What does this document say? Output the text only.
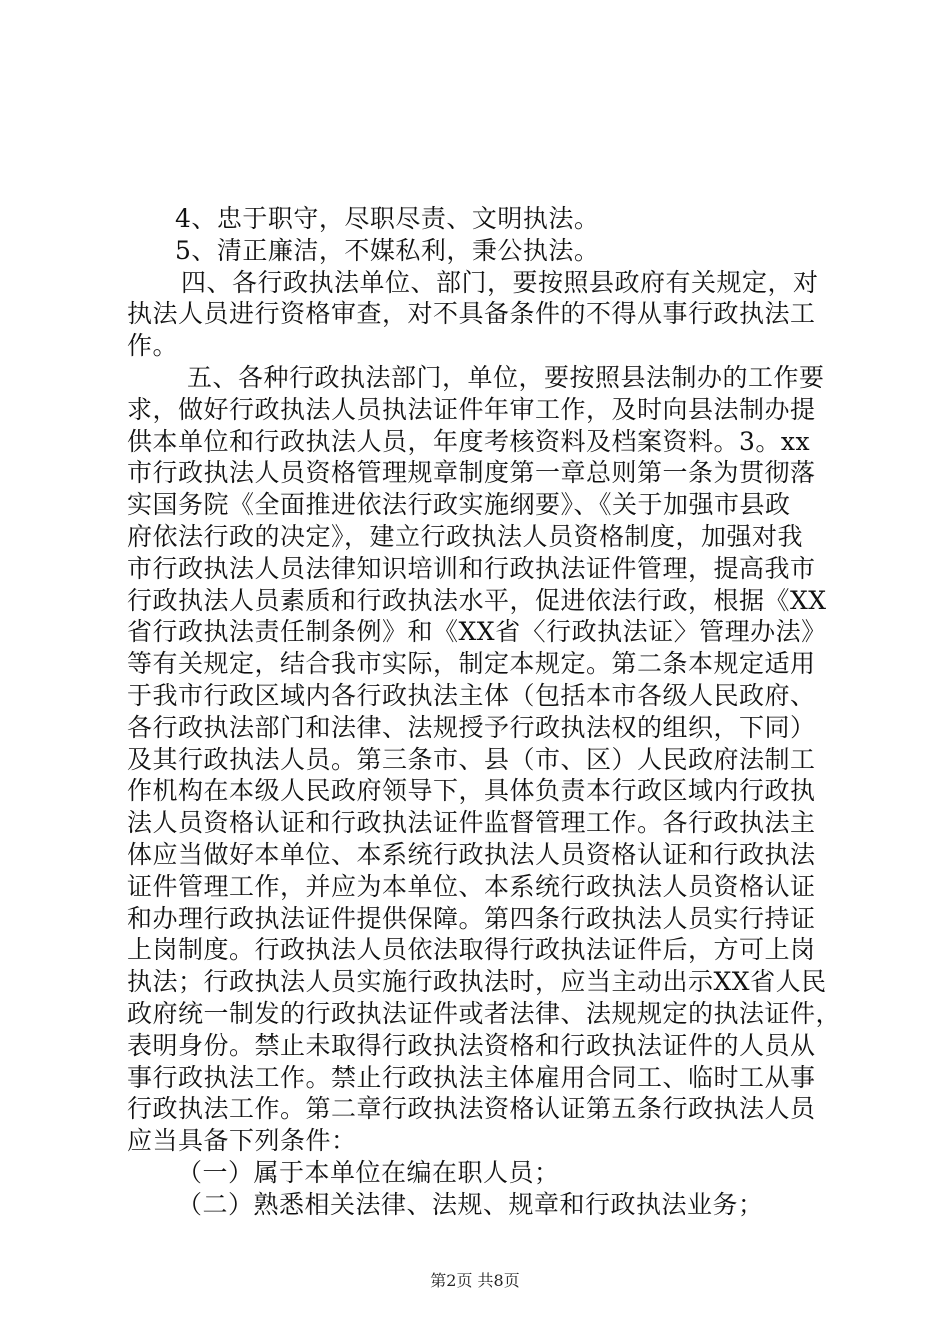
4、忠于职守，尽职尽责、文明执法。
5、清正廉洁，不媒私利，秉公执法。
四、各行政执法单位、部门，要按照县政府有关规定，对
执法人员进行资格审查，对不具备条件的不得从事行政执法工
作。
五、各种行政执法部门，单位，要按照县法制办的工作要
求，做好行政执法人员执法证件年审工作，及时向县法制办提
供本单位和行政执法人员，年度考核资料及档案资料。3。xx
市行政执法人员资格管理规章制度第一章总则第一条为贯彻落
实国务院《全面推进依法行政实施纲要》、《关于加强市县政
府依法行政的决定》，建立行政执法人员资格制度，加强对我
市行政执法人员法律知识培训和行政执法证件管理，提高我市
行政执法人员素质和行政执法水平，促进依法行政，根据《XX
省行政执法责任制条例》和《XX省〈行政执法证〉管理办法》
等有关规定，结合我市实际，制定本规定。第二条本规定适用
于我市行政区域内各行政执法主体（包括本市各级人民政府、
各行政执法部门和法律、法规授予行政执法权的组织，下同）
及其行政执法人员。第三条市、县（市、区）人民政府法制工
作机构在本级人民政府领导下，具体负责本行政区域内行政执
法人员资格认证和行政执法证件监督管理工作。各行政执法主
体应当做好本单位、本系统行政执法人员资格认证和行政执法
证件管理工作，并应为本单位、本系统行政执法人员资格认证
和办理行政执法证件提供保障。第四条行政执法人员实行持证
上岗制度。行政执法人员依法取得行政执法证件后，方可上岗
执法；行政执法人员实施行政执法时，应当主动出示XX省人民
政府统一制发的行政执法证件或者法律、法规规定的执法证件，
表明身份。禁止未取得行政执法资格和行政执法证件的人员从
事行政执法工作。禁止行政执法主体雇用合同工、临时工从事
行政执法工作。第二章行政执法资格认证第五条行政执法人员
应当具备下列条件：
（一）属于本单位在编在职人员；
（二）熟悉相关法律、法规、规章和行政执法业务；
第2页 共8页
